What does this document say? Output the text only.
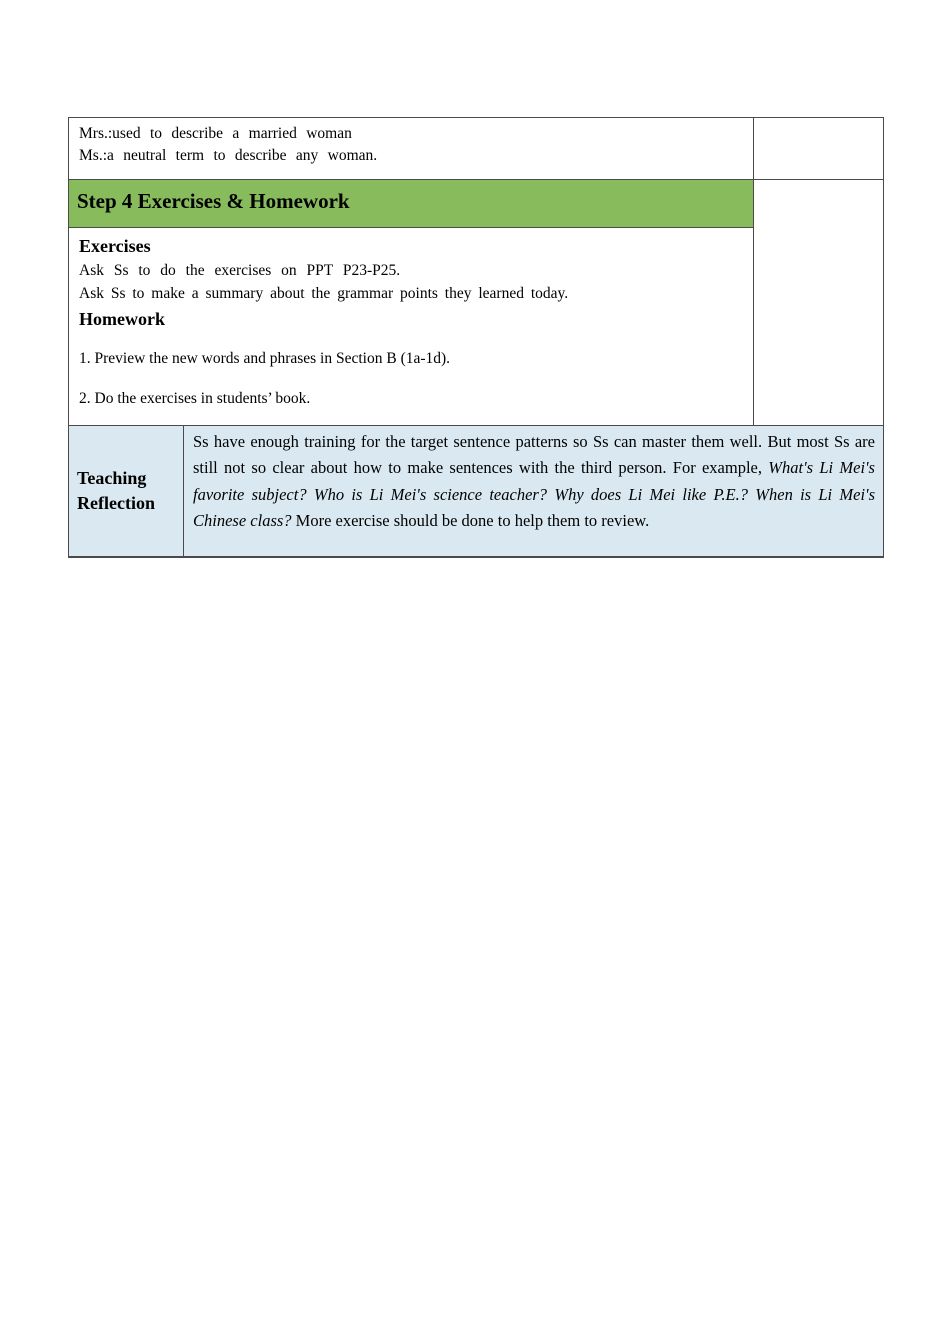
Mrs.:used to describe a married woman

Ms.:a neutral term to describe any woman.

Step 4 Exercises & Homework

Exercises

Ask Ss to do the exercises on PPT P23-P25.

Ask Ss to make a summary about the grammar points they learned today.

Homework

1. Preview the new words and phrases in Section B (1a-1d).

2. Do the exercises in students’ book.

Teaching Reflection
Ss have enough training for the target sentence patterns so Ss can master them well. But most Ss are still not so clear about how to make sentences with the third person. For example, What's Li Mei's favorite subject? Who is Li Mei's science teacher? Why does Li Mei like P.E.? When is Li Mei's Chinese class? More exercise should be done to help them to review.
